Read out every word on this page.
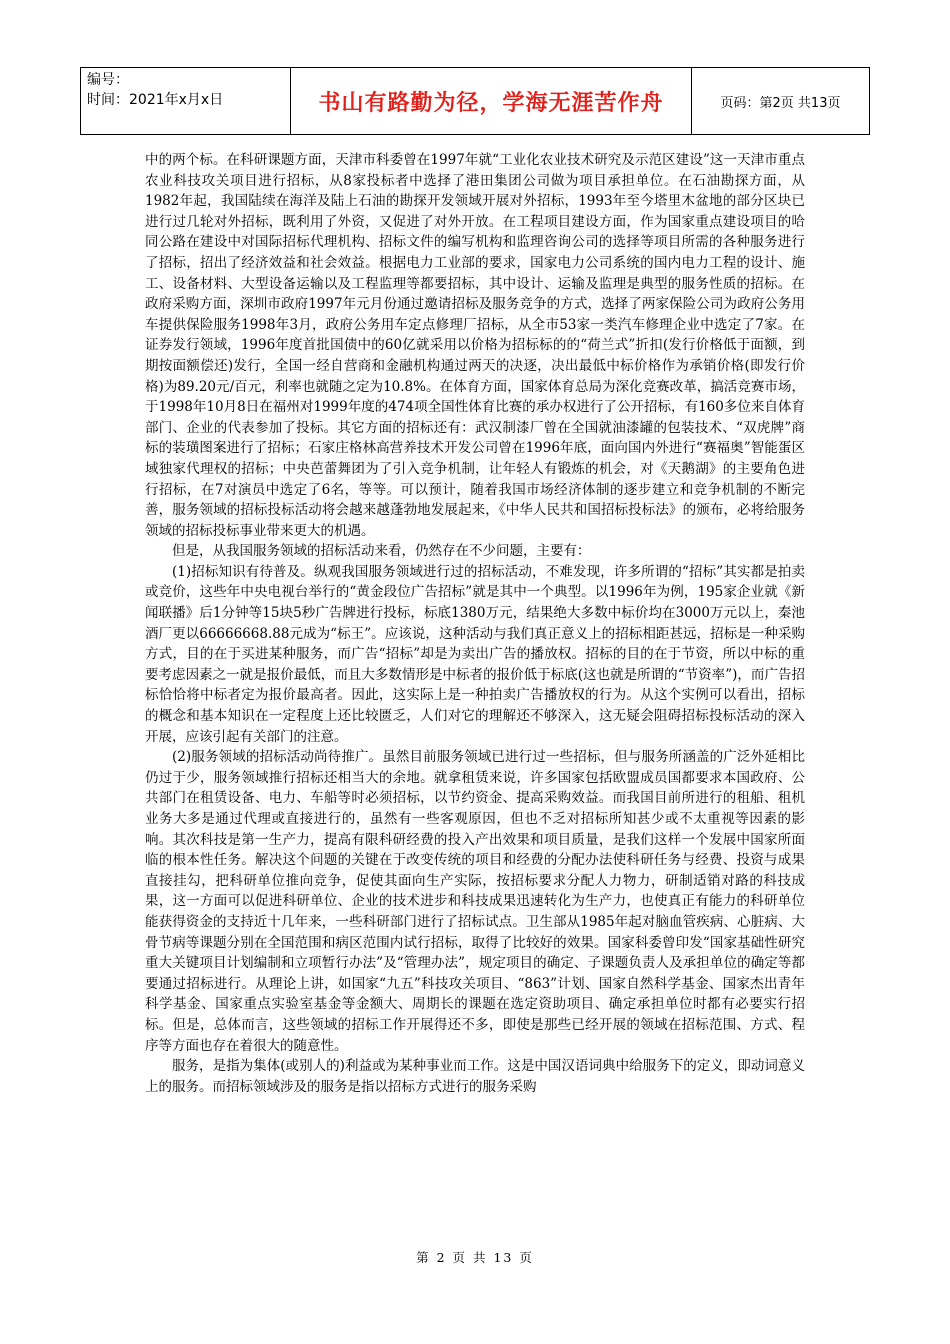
编号：
时间：2021年x月x日	书山有路勤为径，学海无涯苦作舟	页码：第2页 共13页

中的两个标。在科研课题方面，天津市科委曾在1997年就“工业化农业技术研究及示范区建设”这一天津市重点农业科技攻关项目进行招标，从8家投标者中选择了港田集团公司做为项目承担单位。在石油勘探方面，从1982年起，我国陆续在海洋及陆上石油的勘探开发领域开展对外招标，1993年至今塔里木盆地的部分区块已进行过几轮对外招标，既利用了外资，又促进了对外开放。在工程项目建设方面，作为国家重点建设项目的哈同公路在建设中对国际招标代理机构、招标文件的编写机构和监理咨询公司的选择等项目所需的各种服务进行了招标，招出了经济效益和社会效益。根据电力工业部的要求，国家电力公司系统的国内电力工程的设计、施工、设备材料、大型设备运输以及工程监理等都要招标，其中设计、运输及监理是典型的服务性质的招标。在政府采购方面，深圳市政府1997年元月份通过邀请招标及服务竞争的方式，选择了两家保险公司为政府公务用车提供保险服务1998年3月，政府公务用车定点修理厂招标，从全市53家一类汽车修理企业中选定了7家。在证券发行领域，1996年度首批国债中的60亿就采用以价格为招标标的的“荷兰式”折扣(发行价格低于面额，到期按面额偿还)发行，全国一经自营商和金融机构通过两天的决逐，决出最低中标价格作为承销价格(即发行价格)为89.20元/百元，利率也就随之定为10.8%。在体育方面，国家体育总局为深化竞赛改革，搞活竞赛市场，于1998年10月8日在福州对1999年度的474项全国性体育比赛的承办权进行了公开招标，有160多位来自体育部门、企业的代表参加了投标。其它方面的招标还有：武汉制漆厂曾在全国就油漆罐的包装技术、“双虎牌”商标的装璜图案进行了招标；石家庄格林高营养技术开发公司曾在1996年底，面向国内外进行“赛福奥”智能蛋区域独家代理权的招标；中央芭蕾舞团为了引入竞争机制，让年轻人有锻炼的机会，对《天鹅湖》的主要角色进行招标，在7对演员中选定了6名，等等。可以预计，随着我国市场经济体制的逐步建立和竞争机制的不断完善，服务领域的招标投标活动将会越来越蓬勃地发展起来，《中华人民共和国招标投标法》的颁布，必将给服务领域的招标投标事业带来更大的机遇。

但是，从我国服务领域的招标活动来看，仍然存在不少问题，主要有：

(1)招标知识有待普及。纵观我国服务领域进行过的招标活动，不难发现，许多所谓的“招标”其实都是拍卖或竞价，这些年中央电视台举行的“黄金段位广告招标”就是其中一个典型。以1996年为例，195家企业就《新闻联播》后1分钟等15块5秒广告牌进行投标，标底1380万元，结果绝大多数中标价均在3000万元以上，秦池酒厂更以66666668.88元成为“标王”。应该说，这种活动与我们真正意义上的招标相距甚远，招标是一种采购方式，目的在于买进某种服务，而广告“招标”却是为卖出广告的播放权。招标的目的在于节资，所以中标的重要考虑因素之一就是报价最低，而且大多数情形是中标者的报价低于标底(这也就是所谓的“节资率”)，而广告招标恰恰将中标者定为报价最高者。因此，这实际上是一种拍卖广告播放权的行为。从这个实例可以看出，招标的概念和基本知识在一定程度上还比较匮乏，人们对它的理解还不够深入，这无疑会阻碍招标投标活动的深入开展，应该引起有关部门的注意。

(2)服务领域的招标活动尚待推广。虽然目前服务领域已进行过一些招标，但与服务所涵盖的广泛外延相比仍过于少，服务领域推行招标还相当大的余地。就拿租赁来说，许多国家包括欧盟成员国都要求本国政府、公共部门在租赁设备、电力、车船等时必须招标，以节约资金、提高采购效益。而我国目前所进行的租船、租机业务大多是通过代理或直接进行的，虽然有一些客观原因，但也不乏对招标所知甚少或不太重视等因素的影响。其次科技是第一生产力，提高有限科研经费的投入产出效果和项目质量，是我们这样一个发展中国家所面临的根本性任务。解决这个问题的关键在于改变传统的项目和经费的分配办法使科研任务与经费、投资与成果直接挂勾，把科研单位推向竞争，促使其面向生产实际，按招标要求分配人力物力，研制适销对路的科技成果，这一方面可以促进科研单位、企业的技术进步和科技成果迅速转化为生产力，也使真正有能力的科研单位能获得资金的支持近十几年来，一些科研部门进行了招标试点。卫生部从1985年起对脑血管疾病、心脏病、大骨节病等课题分别在全国范围和病区范围内试行招标，取得了比较好的效果。国家科委曾印发“国家基础性研究重大关键项目计划编制和立项暂行办法”及“管理办法”，规定项目的确定、子课题负责人及承担单位的确定等都要通过招标进行。从理论上讲，如国家“九五”科技攻关项目、“863”计划、国家自然科学基金、国家杰出青年科学基金、国家重点实验室基金等金额大、周期长的课题在选定资助项目、确定承担单位时都有必要实行招标。但是，总体而言，这些领域的招标工作开展得还不多，即使是那些已经开展的领域在招标范围、方式、程序等方面也存在着很大的随意性。

服务，是指为集体(或别人的)利益或为某种事业而工作。这是中国汉语词典中给服务下的定义，即动词意义上的服务。而招标领域涉及的服务是指以招标方式进行的服务采购

第 2 页 共 13 页
